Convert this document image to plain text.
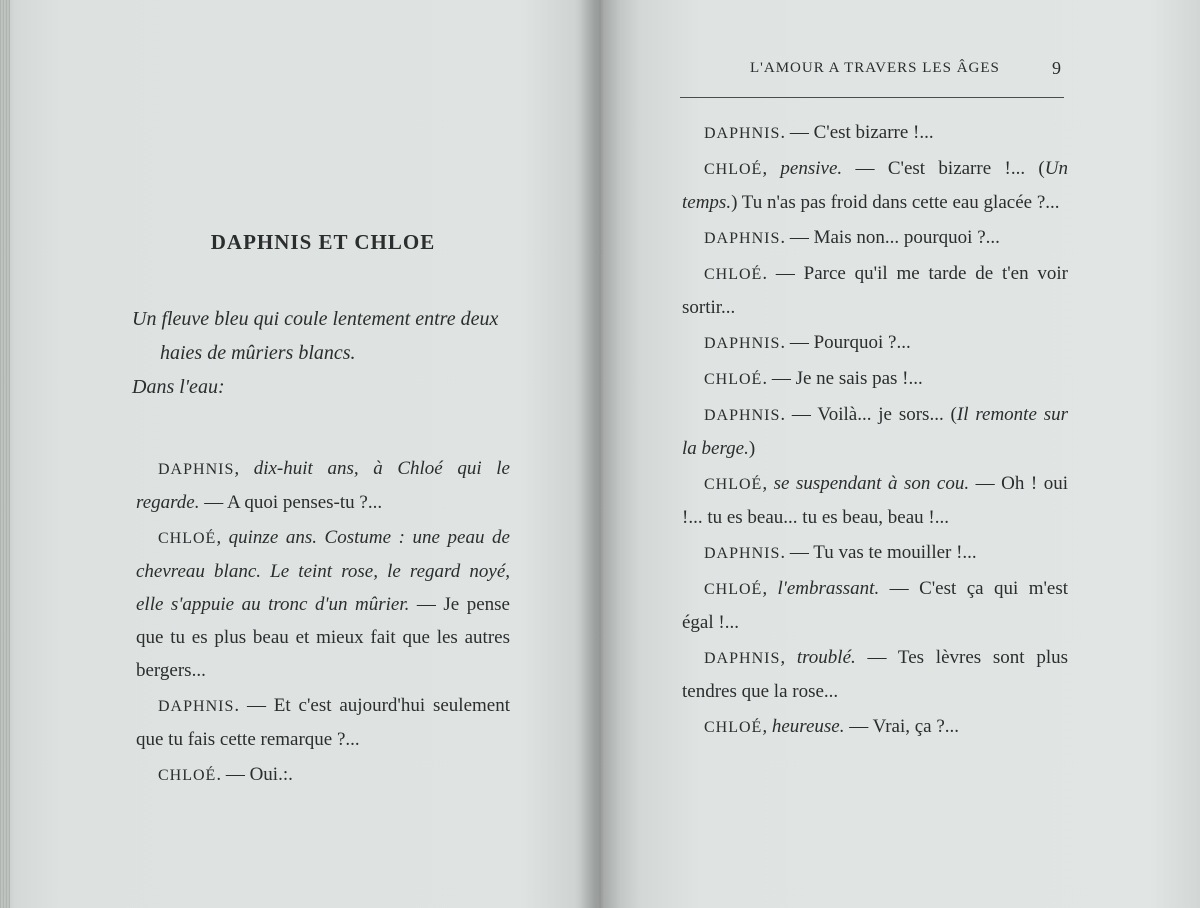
DAPHNIS ET CHLOE
Un fleuve bleu qui coule lentement entre deux
haies de mûriers blancs.
Dans l'eau:

DAPHNIS, dix-huit ans, à Chloé qui le regarde. — A quoi penses-tu ?...

CHLOÉ, quinze ans. Costume : une peau de chevreau blanc. Le teint rose, le regard noyé, elle s'appuie au tronc d'un mûrier. — Je pense que tu es plus beau et mieux fait que les autres bergers...

DAPHNIS. — Et c'est aujourd'hui seulement que tu fais cette remarque ?...

CHLOÉ. — Oui.:.

L'AMOUR A TRAVERS LES ÂGES	9

DAPHNIS. — C'est bizarre !...

CHLOÉ, pensive. — C'est bizarre !... (Un temps.) Tu n'as pas froid dans cette eau glacée ?...

DAPHNIS. — Mais non... pourquoi ?...

CHLOÉ. — Parce qu'il me tarde de t'en voir sortir...

DAPHNIS. — Pourquoi ?...

CHLOÉ. — Je ne sais pas !...

DAPHNIS. — Voilà... je sors... (Il remonte sur la berge.)

CHLOÉ, se suspendant à son cou. — Oh ! oui !... tu es beau... tu es beau, beau !...

DAPHNIS. — Tu vas te mouiller !...

CHLOÉ, l'embrassant. — C'est ça qui m'est égal !...

DAPHNIS, troublé. — Tes lèvres sont plus tendres que la rose...

CHLOÉ, heureuse. — Vrai, ça ?...
